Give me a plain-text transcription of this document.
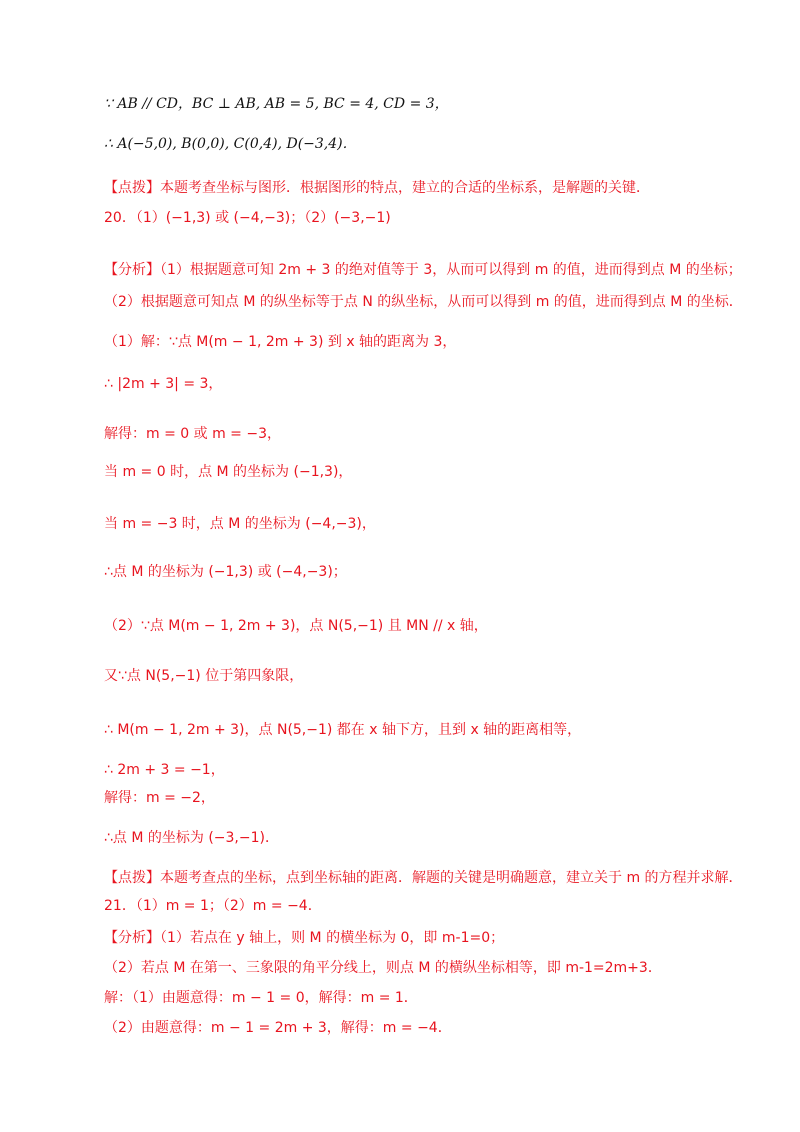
∵ AB // CD，BC ⊥ AB, AB = 5, BC = 4, CD = 3，
∴ A(−5,0), B(0,0), C(0,4), D(−3,4)．
【点拨】本题考查坐标与图形．根据图形的特点，建立的合适的坐标系，是解题的关键．
20．（1）(−1,3) 或 (−4,−3)；（2）(−3,−1)
【分析】（1）根据题意可知 2m + 3 的绝对值等于 3，从而可以得到 m 的值，进而得到点 M 的坐标；
（2）根据题意可知点 M 的纵坐标等于点 N 的纵坐标，从而可以得到 m 的值，进而得到点 M 的坐标．
（1）解：∵点 M(m − 1, 2m + 3) 到 x 轴的距离为 3，
∴ |2m + 3| = 3，
解得：m = 0 或 m = −3，
当 m = 0 时，点 M 的坐标为 (−1,3)，
当 m = −3 时，点 M 的坐标为 (−4,−3)，
∴点 M 的坐标为 (−1,3) 或 (−4,−3)；
（2）∵点 M(m − 1, 2m + 3)，点 N(5,−1) 且 MN // x 轴，
又∵点 N(5,−1) 位于第四象限，
∴ M(m − 1, 2m + 3)，点 N(5,−1) 都在 x 轴下方，且到 x 轴的距离相等，
∴ 2m + 3 = −1，
解得：m = −2，
∴点 M 的坐标为 (−3,−1)．
【点拨】本题考查点的坐标，点到坐标轴的距离．解题的关键是明确题意，建立关于 m 的方程并求解．
21．（1）m = 1；（2）m = −4．
【分析】（1）若点在 y 轴上，则 M 的横坐标为 0，即 m-1=0；
（2）若点 M 在第一、三象限的角平分线上，则点 M 的横纵坐标相等，即 m-1=2m+3．
解：（1）由题意得：m − 1 = 0，解得：m = 1．
（2）由题意得：m − 1 = 2m + 3，解得：m = −4．
